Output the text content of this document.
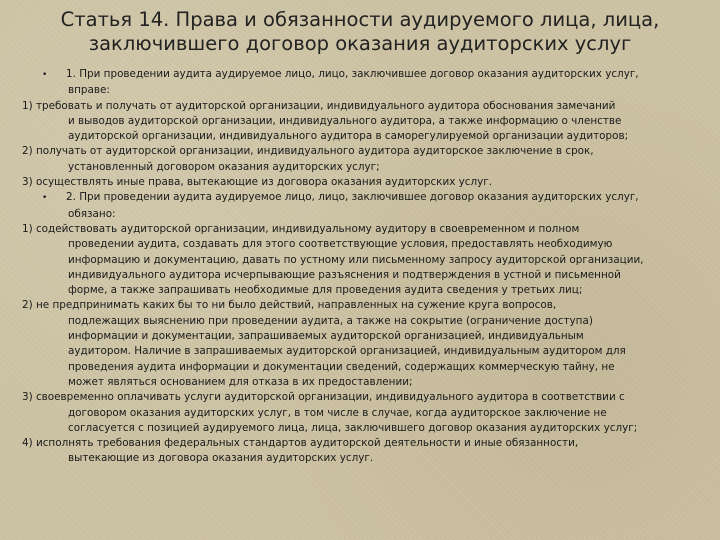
Статья 14. Права и обязанности аудируемого лица, лица,
заключившего договор оказания аудиторских услуг
• 1. При проведении аудита аудируемое лицо, лицо, заключившее договор оказания аудиторских услуг,
вправе:
1) требовать и получать от аудиторской организации, индивидуального аудитора обоснования замечаний
и выводов аудиторской организации, индивидуального аудитора, а также информацию о членстве
аудиторской организации, индивидуального аудитора в саморегулируемой организации аудиторов;
2) получать от аудиторской организации, индивидуального аудитора аудиторское заключение в срок,
установленный договором оказания аудиторских услуг;
3) осуществлять иные права, вытекающие из договора оказания аудиторских услуг.
• 2. При проведении аудита аудируемое лицо, лицо, заключившее договор оказания аудиторских услуг,
обязано:
1) содействовать аудиторской организации, индивидуальному аудитору в своевременном и полном
проведении аудита, создавать для этого соответствующие условия, предоставлять необходимую
информацию и документацию, давать по устному или письменному запросу аудиторской организации,
индивидуального аудитора исчерпывающие разъяснения и подтверждения в устной и письменной
форме, а также запрашивать необходимые для проведения аудита сведения у третьих лиц;
2) не предпринимать каких бы то ни было действий, направленных на сужение круга вопросов,
подлежащих выяснению при проведении аудита, а также на сокрытие (ограничение доступа)
информации и документации, запрашиваемых аудиторской организацией, индивидуальным
аудитором. Наличие в запрашиваемых аудиторской организацией, индивидуальным аудитором для
проведения аудита информации и документации сведений, содержащих коммерческую тайну, не
может являться основанием для отказа в их предоставлении;
3) своевременно оплачивать услуги аудиторской организации, индивидуального аудитора в соответствии с
договором оказания аудиторских услуг, в том числе в случае, когда аудиторское заключение не
согласуется с позицией аудируемого лица, лица, заключившего договор оказания аудиторских услуг;
4) исполнять требования федеральных стандартов аудиторской деятельности и иные обязанности,
вытекающие из договора оказания аудиторских услуг.
